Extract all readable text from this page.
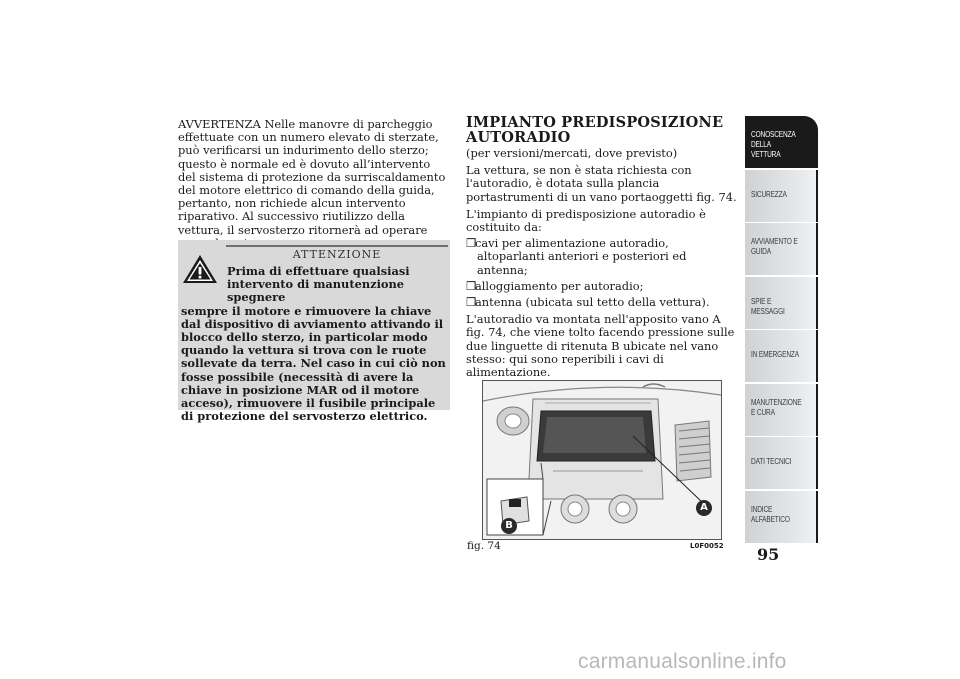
AVVERTENZA Nelle manovre di parcheggio effettuate con un numero elevato di sterzate, può verificarsi un indurimento dello sterzo; questo è normale ed è dovuto all’intervento del sistema di protezione da surriscaldamento del motore elettrico di comando della guida, pertanto, non richiede alcun intervento riparativo. Al successivo riutilizzo della vettura, il servosterzo ritornerà ad operare

ATTENZIONE

Prima di effettuare qualsiasi intervento di manutenzione spegnere
sempre il motore e rimuovere la chiave dal dispositivo di avviamento attivando il blocco dello sterzo, in particolar modo quando la vettura si trova con le ruote sollevate da terra. Nel caso in cui ciò non fosse possibile (necessità di avere la chiave in posizione MAR od il motore acceso), rimuovere il fusibile principale di protezione del servosterzo elettrico.

IMPIANTO PREDISPOSIZIONE AUTORADIO

(per versioni/mercati, dove previsto)

La vettura, se non è stata richiesta con l'autoradio, è dotata sulla plancia portastrumenti di un vano portaoggetti fig. 74.

L'impianto di predisposizione autoradio è costituito da:

❒cavi per alimentazione autoradio, altoparlanti anteriori e posteriori ed antenna;
❒alloggiamento per autoradio;
❒antenna (ubicata sul tetto della vettura).

L'autoradio va montata nell'apposito vano A fig. 74, che viene tolto facendo pressione sulle due linguette di ritenuta B ubicate nel vano stesso: qui sono reperibili i cavi di alimentazione.

A
B
fig. 74	L0F0052
CONOSCENZA DELLA VETTURA
SICUREZZA
AVVIAMENTO E GUIDA
SPIE E MESSAGGI
IN EMERGENZA
MANUTENZIONE E CURA
DATI TECNICI
INDICE ALFABETICO
95
carmanualsonline.info
